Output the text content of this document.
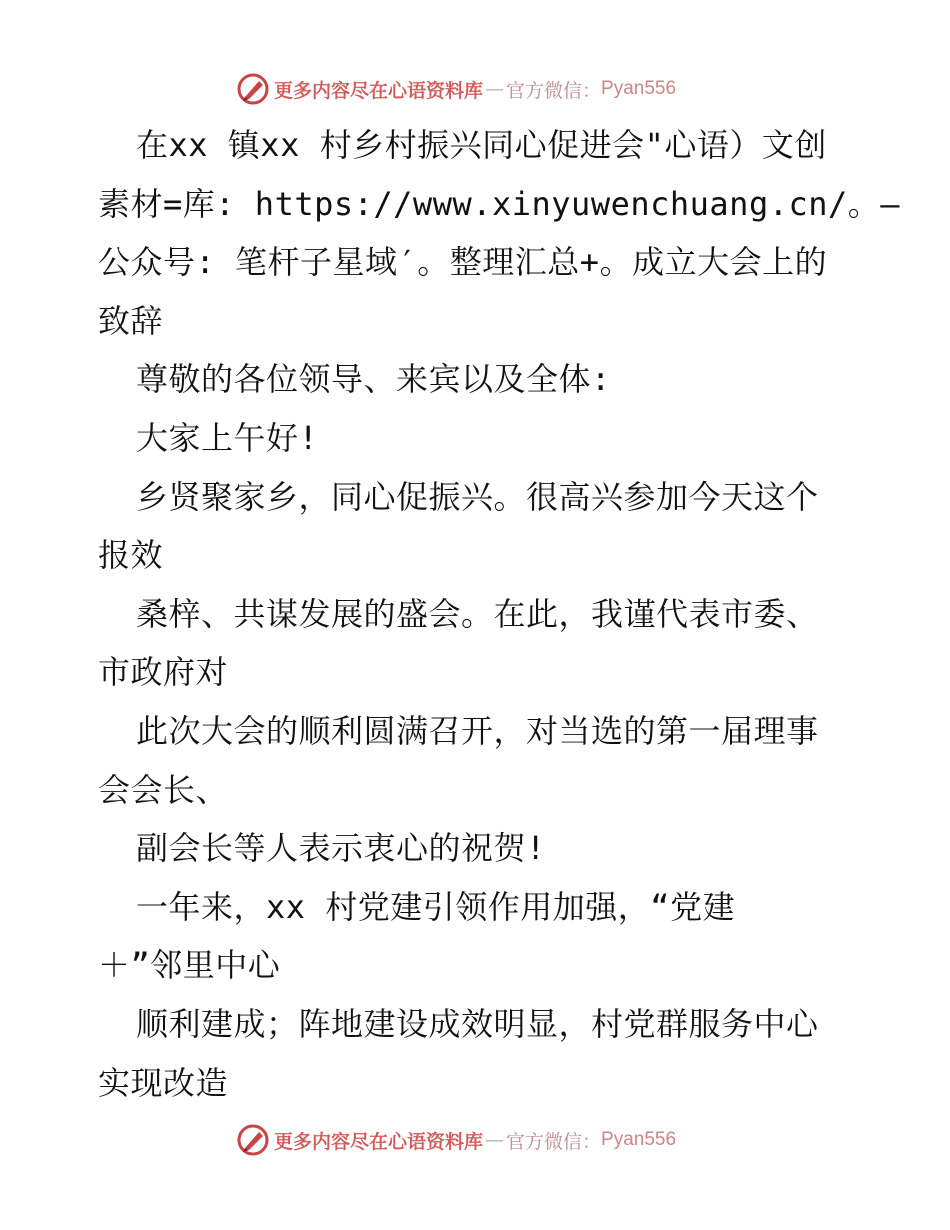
更多内容尽在心语资料库 — 官方微信： Pyan556
在xx 镇xx 村乡村振兴同心促进会"心语）文创
素材=库: https://www.xinyuwenchuang.cn/。—
公众号: 笔杆子星域′。整理汇总+。成立大会上的
致辞
尊敬的各位领导、来宾以及全体:
大家上午好!
乡贤聚家乡，同心促振兴。很高兴参加今天这个
报效
桑梓、共谋发展的盛会。在此，我谨代表市委、
市政府对
此次大会的顺利圆满召开，对当选的第一届理事
会会长、
副会长等人表示衷心的祝贺!
一年来，xx 村党建引领作用加强，“党建
＋”邻里中心
顺利建成；阵地建设成效明显，村党群服务中心
实现改造
更多内容尽在心语资料库 — 官方微信： Pyan556
